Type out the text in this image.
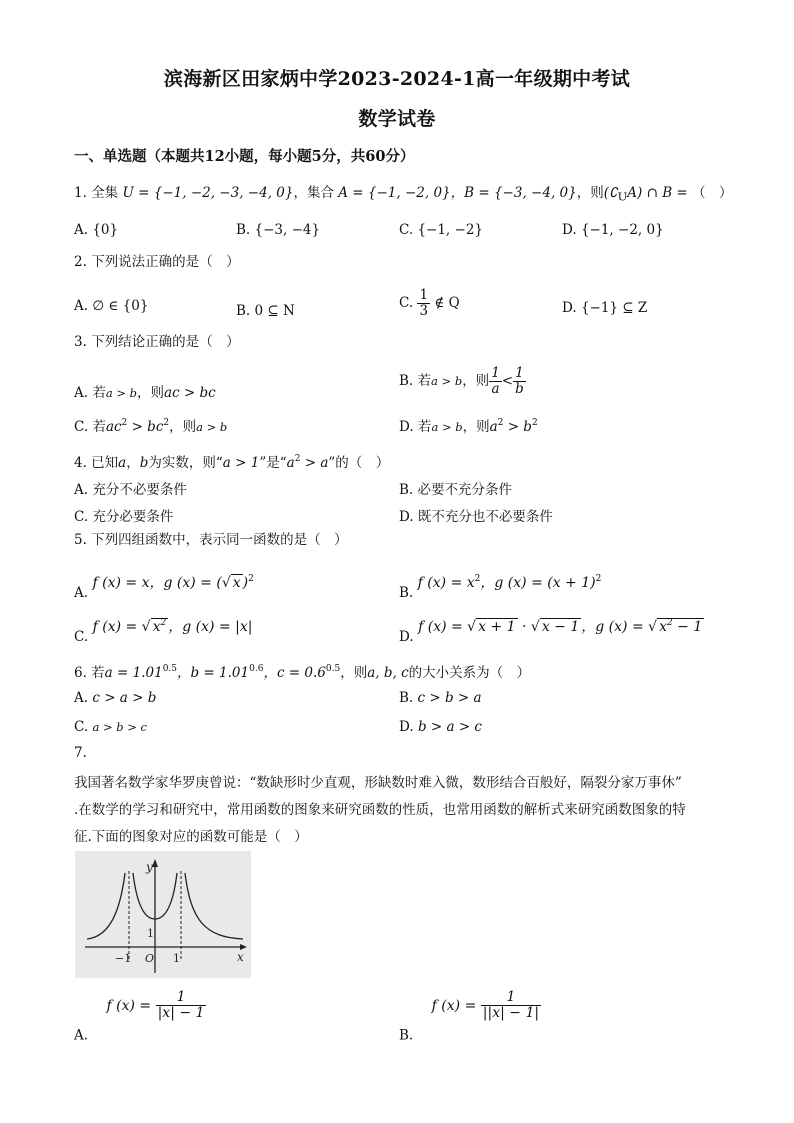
滨海新区田家炳中学2023-2024-1高一年级期中考试
数学试卷
一、单选题（本题共12小题，每小题5分，共60分）
1. 全集 U = {−1, −2, −3, −4, 0}，集合 A = {−1, −2, 0}，B = {−3, −4, 0}，则$(∁_UA)$ ∩ B = （　）
A. {0}	B. {−3, −4}	C. {−1, −2}	D. {−1, −2, 0}
2. 下列说法正确的是（　）
A. ∅ ∈ {0}	B. 0 ⊆ N	C. $\frac{1}{3}$ ∉ Q	D. {−1} ⊆ Z
3. 下列结论正确的是（　）
A. 若a > b，则ac > bc
B. 若a > b，则 $\frac{1}{a} < \frac{1}{b}$
C. 若$ac^2 > bc^2$，则a > b	D. 若a > b，则$a^2 > b^2$
4. 已知a，b为实数，则“a > 1”是“$a^2 > a$”的（　）
A. 充分不必要条件	B. 必要不充分条件
C. 充分必要条件	D. 既不充分也不必要条件
5. 下列四组函数中，表示同一函数的是（　）
A. f (x) = x，g (x) = (√ x )$^2$
B. f $(x) = x^2$，g $(x) = (x + 1)^2$
C. f (x) = √ $x^2$ ，g (x) = |x|
D. f (x) = √ x + 1 · √ x − 1 ，g (x) = √ $x^2 - 1$
6. 若$a = 1.01^{0.5}$，$b = 1.01^{0.6}$，$c = 0.6^{0.5}$，则a, b, c的大小关系为（　）
A. c > a > b	B. c > b > a
C. a > b > c	D. b > a > c
7.
我国著名数学家华罗庚曾说：“数缺形时少直观，形缺数时难入微，数形结合百般好，隔裂分家万事休”
.在数学的学习和研究中，常用函数的图象来研究函数的性质，也常用函数的解析式来研究函数图象的特
征.下面的图象对应的函数可能是（　）
y
x
1
−1 O 1
A. f $(x) = \frac{1}{|x| - 1}$
B. f $(x) = \frac{1}{||x| - 1|}$
